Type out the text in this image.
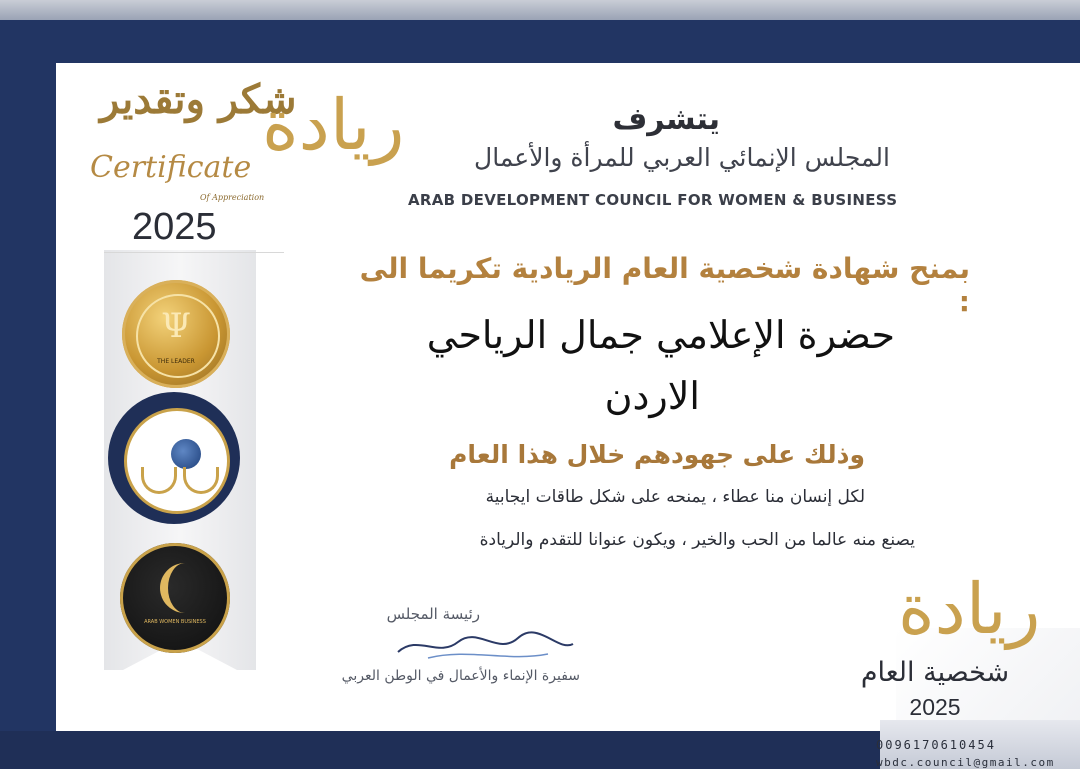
0096170610454
wbdc.council@gmail.com
Ψ
THE LEADER
ARAB WOMEN BUSINESS
شكر وتقدير
Certificate
Of Appreciation
2025
ريادة	يتشرف
المجلس الإنمائي العربي للمرأة والأعمال
ARAB DEVELOPMENT COUNCIL FOR WOMEN & BUSINESS
بمنح شهادة شخصية العام الريادية تكريما الى :
حضرة الإعلامي جمال الرياحي
الاردن
وذلك على جهودهم خلال هذا العام
لكل إنسان منا عطاء ، يمنحه على شكل طاقات ايجابية
يصنع منه عالما من الحب والخير ، ويكون عنوانا للتقدم والريادة
رئيسة المجلس
سفيرة الإنماء والأعمال في الوطن العربي
ريادة
شخصية العام
2025
